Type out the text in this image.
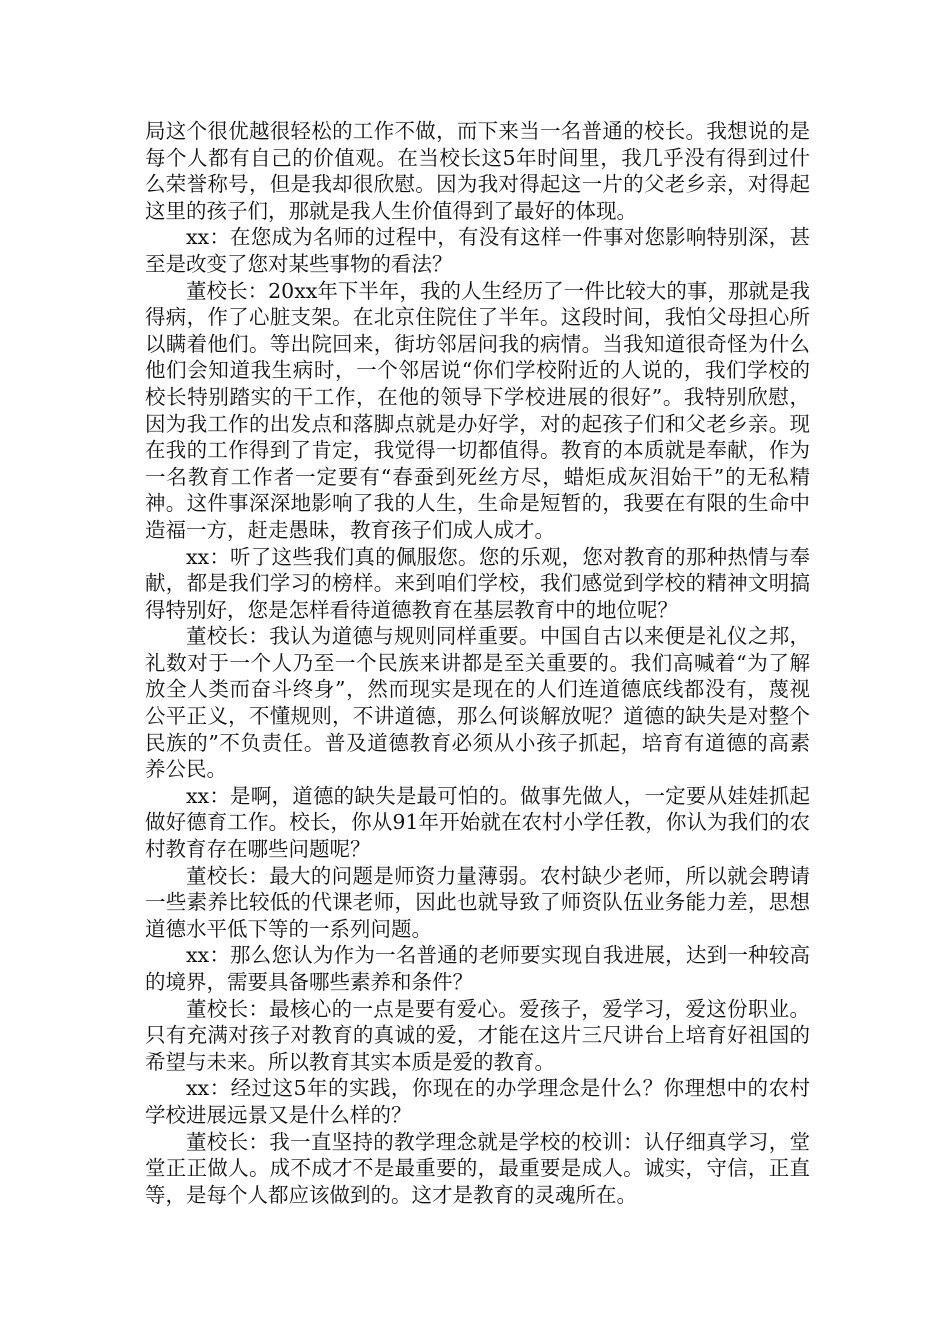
局这个很优越很轻松的工作不做，而下来当一名普通的校长。我想说的是每个人都有自己的价值观。在当校长这5年时间里，我几乎没有得到过什么荣誉称号，但是我却很欣慰。因为我对得起这一片的父老乡亲，对得起这里的孩子们，那就是我人生价值得到了最好的体现。

xx：在您成为名师的过程中，有没有这样一件事对您影响特别深，甚至是改变了您对某些事物的看法？

董校长：20xx年下半年，我的人生经历了一件比较大的事，那就是我得病，作了心脏支架。在北京住院住了半年。这段时间，我怕父母担心所以瞒着他们。等出院回来，街坊邻居问我的病情。当我知道很奇怪为什么他们会知道我生病时，一个邻居说“你们学校附近的人说的，我们学校的校长特别踏实的干工作，在他的领导下学校进展的很好”。我特别欣慰，因为我工作的出发点和落脚点就是办好学，对的起孩子们和父老乡亲。现在我的工作得到了肯定，我觉得一切都值得。教育的本质就是奉献，作为一名教育工作者一定要有“春蚕到死丝方尽，蜡炬成灰泪始干”的无私精神。这件事深深地影响了我的人生，生命是短暂的，我要在有限的生命中造福一方，赶走愚昧，教育孩子们成人成才。

xx：听了这些我们真的佩服您。您的乐观，您对教育的那种热情与奉献，都是我们学习的榜样。来到咱们学校，我们感觉到学校的精神文明搞得特别好，您是怎样看待道德教育在基层教育中的地位呢？

董校长：我认为道德与规则同样重要。中国自古以来便是礼仪之邦，礼数对于一个人乃至一个民族来讲都是至关重要的。我们高喊着“为了解放全人类而奋斗终身”，然而现实是现在的人们连道德底线都没有，蔑视公平正义，不懂规则，不讲道德，那么何谈解放呢？道德的缺失是对整个民族的”不负责任。普及道德教育必须从小孩子抓起，培育有道德的高素养公民。

xx：是啊，道德的缺失是最可怕的。做事先做人，一定要从娃娃抓起做好德育工作。校长，你从91年开始就在农村小学任教，你认为我们的农村教育存在哪些问题呢？

董校长：最大的问题是师资力量薄弱。农村缺少老师，所以就会聘请一些素养比较低的代课老师，因此也就导致了师资队伍业务能力差，思想道德水平低下等的一系列问题。

xx：那么您认为作为一名普通的老师要实现自我进展，达到一种较高的境界，需要具备哪些素养和条件？

董校长：最核心的一点是要有爱心。爱孩子，爱学习，爱这份职业。只有充满对孩子对教育的真诚的爱，才能在这片三尺讲台上培育好祖国的希望与未来。所以教育其实本质是爱的教育。

xx：经过这5年的实践，你现在的办学理念是什么？你理想中的农村学校进展远景又是什么样的？

董校长：我一直坚持的教学理念就是学校的校训：认仔细真学习，堂堂正正做人。成不成才不是最重要的，最重要是成人。诚实，守信，正直等，是每个人都应该做到的。这才是教育的灵魂所在。
